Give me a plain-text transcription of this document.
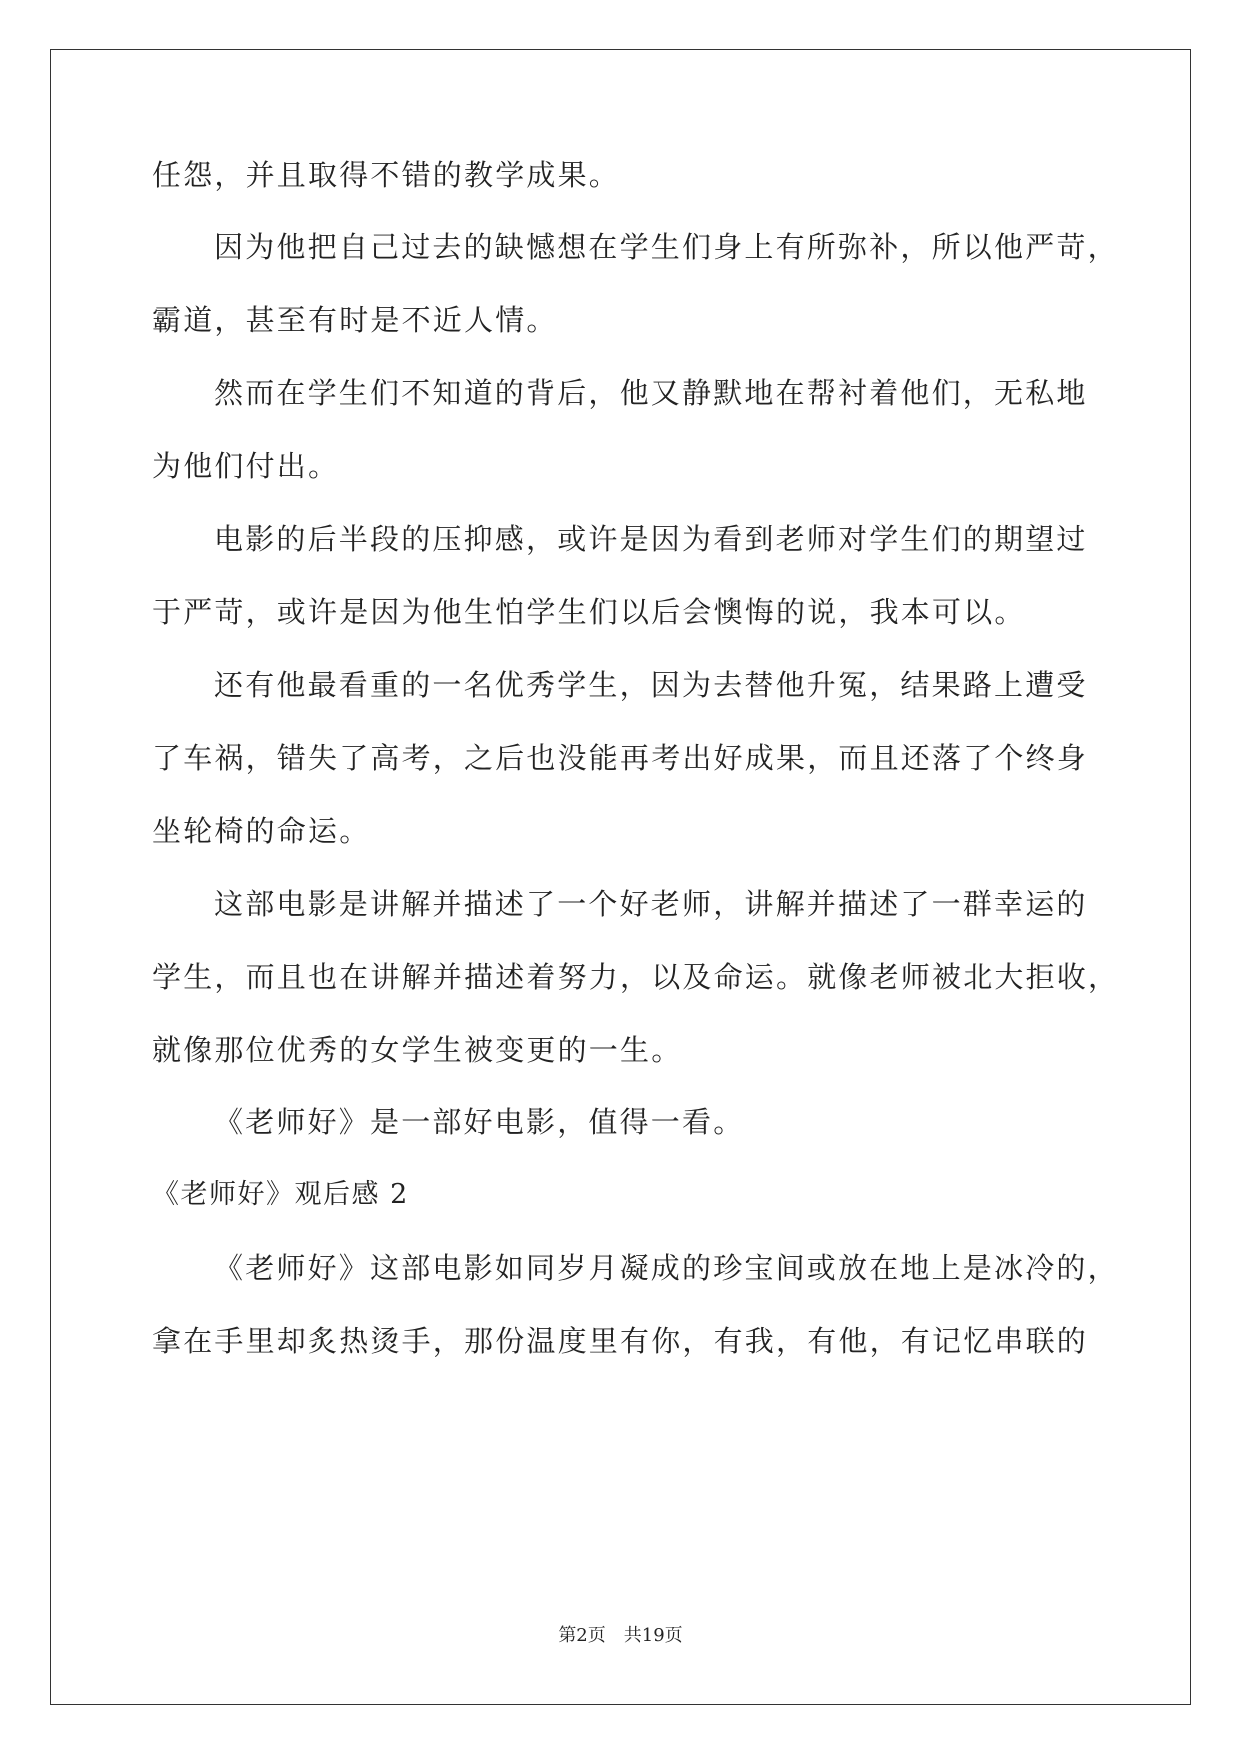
任怨，并且取得不错的教学成果。
因为他把自己过去的缺憾想在学生们身上有所弥补，所以他严苛，
霸道，甚至有时是不近人情。
然而在学生们不知道的背后，他又静默地在帮衬着他们，无私地
为他们付出。
电影的后半段的压抑感，或许是因为看到老师对学生们的期望过
于严苛，或许是因为他生怕学生们以后会懊悔的说，我本可以。
还有他最看重的一名优秀学生，因为去替他升冤，结果路上遭受
了车祸，错失了高考，之后也没能再考出好成果，而且还落了个终身
坐轮椅的命运。
这部电影是讲解并描述了一个好老师，讲解并描述了一群幸运的
学生，而且也在讲解并描述着努力，以及命运。就像老师被北大拒收，
就像那位优秀的女学生被变更的一生。
《老师好》是一部好电影，值得一看。
《老师好》观后感 2
《老师好》这部电影如同岁月凝成的珍宝间或放在地上是冰冷的，
拿在手里却炙热烫手，那份温度里有你，有我，有他，有记忆串联的
第2页　共19页
